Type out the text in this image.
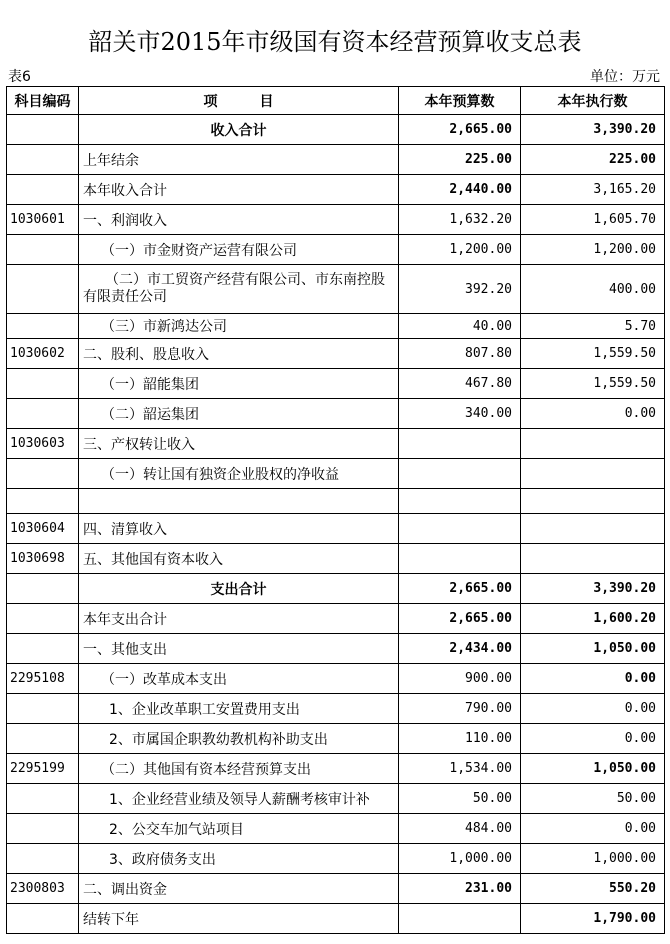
韶关市2015年市级国有资本经营预算收支总表
表6	单位：万元
科目编码	项　　　目	本年预算数	本年执行数
	收入合计	2,665.00	3,390.20
	上年结余	225.00	225.00
	本年收入合计	2,440.00	3,165.20
1030601	一、利润收入	1,632.20	1,605.70
	（一）市金财资产运营有限公司	1,200.00	1,200.00
	（二）市工贸资产经营有限公司、市东南控股有限责任公司	392.20	400.00
	（三）市新鸿达公司	40.00	5.70
1030602	二、股利、股息收入	807.80	1,559.50
	（一）韶能集团	467.80	1,559.50
	（二）韶运集团	340.00	0.00
1030603	三、产权转让收入		
	（一）转让国有独资企业股权的净收益		

1030604	四、清算收入		
1030698	五、其他国有资本收入		
	支出合计	2,665.00	3,390.20
	本年支出合计	2,665.00	1,600.20
	一、其他支出	2,434.00	1,050.00
2295108	（一）改革成本支出	900.00	0.00
	1、企业改革职工安置费用支出	790.00	0.00
	2、市属国企职教幼教机构补助支出	110.00	0.00
2295199	（二）其他国有资本经营预算支出	1,534.00	1,050.00
	1、企业经营业绩及领导人薪酬考核审计补	50.00	50.00
	2、公交车加气站项目	484.00	0.00
	3、政府债务支出	1,000.00	1,000.00
2300803	二、调出资金	231.00	550.20
	结转下年		1,790.00
